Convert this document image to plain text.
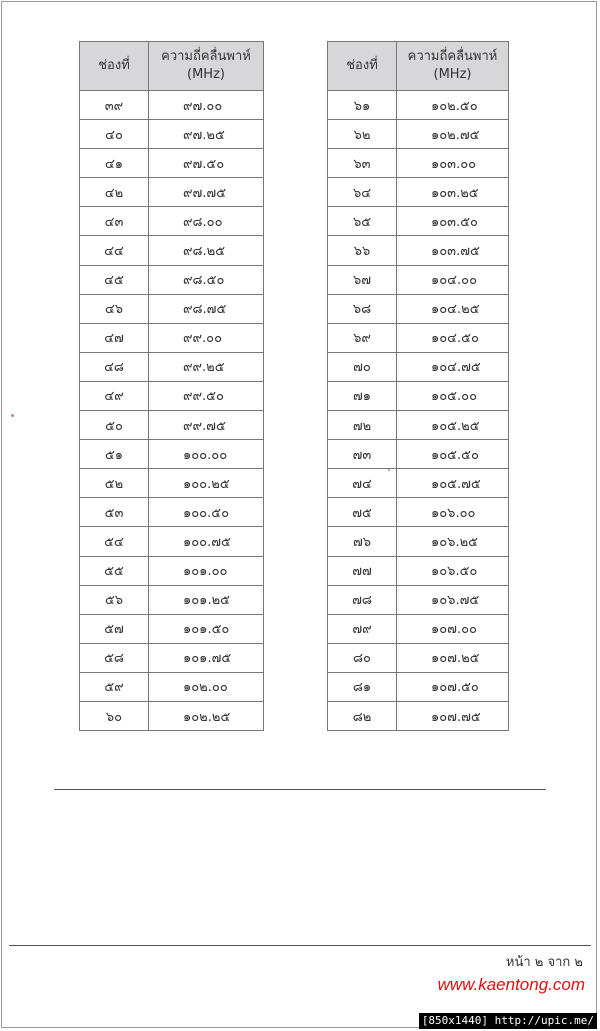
ช่องที่	ความถี่คลื่นพาห์
(MHz)
๓๙	๙๗.๐๐
๔๐	๙๗.๒๕
๔๑	๙๗.๕๐
๔๒	๙๗.๗๕
๔๓	๙๘.๐๐
๔๔	๙๘.๒๕
๔๕	๙๘.๕๐
๔๖	๙๘.๗๕
๔๗	๙๙.๐๐
๔๘	๙๙.๒๕
๔๙	๙๙.๕๐
๕๐	๙๙.๗๕
๕๑	๑๐๐.๐๐
๕๒	๑๐๐.๒๕
๕๓	๑๐๐.๕๐
๕๔	๑๐๐.๗๕
๕๕	๑๐๑.๐๐
๕๖	๑๐๑.๒๕
๕๗	๑๐๑.๕๐
๕๘	๑๐๑.๗๕
๕๙	๑๐๒.๐๐
๖๐	๑๐๒.๒๕
ช่องที่	ความถี่คลื่นพาห์
(MHz)
๖๑	๑๐๒.๕๐
๖๒	๑๐๒.๗๕
๖๓	๑๐๓.๐๐
๖๔	๑๐๓.๒๕
๖๕	๑๐๓.๕๐
๖๖	๑๐๓.๗๕
๖๗	๑๐๔.๐๐
๖๘	๑๐๔.๒๕
๖๙	๑๐๔.๕๐
๗๐	๑๐๔.๗๕
๗๑	๑๐๕.๐๐
๗๒	๑๐๕.๒๕
๗๓	๑๐๕.๕๐
๗๔	๑๐๕.๗๕
๗๕	๑๐๖.๐๐
๗๖	๑๐๖.๒๕
๗๗	๑๐๖.๕๐
๗๘	๑๐๖.๗๕
๗๙	๑๐๗.๐๐
๘๐	๑๐๗.๒๕
๘๑	๑๐๗.๕๐
๘๒	๑๐๗.๗๕
หน้า ๒ จาก ๒
www.kaentong.com
[850x1440] http://upic.me/
